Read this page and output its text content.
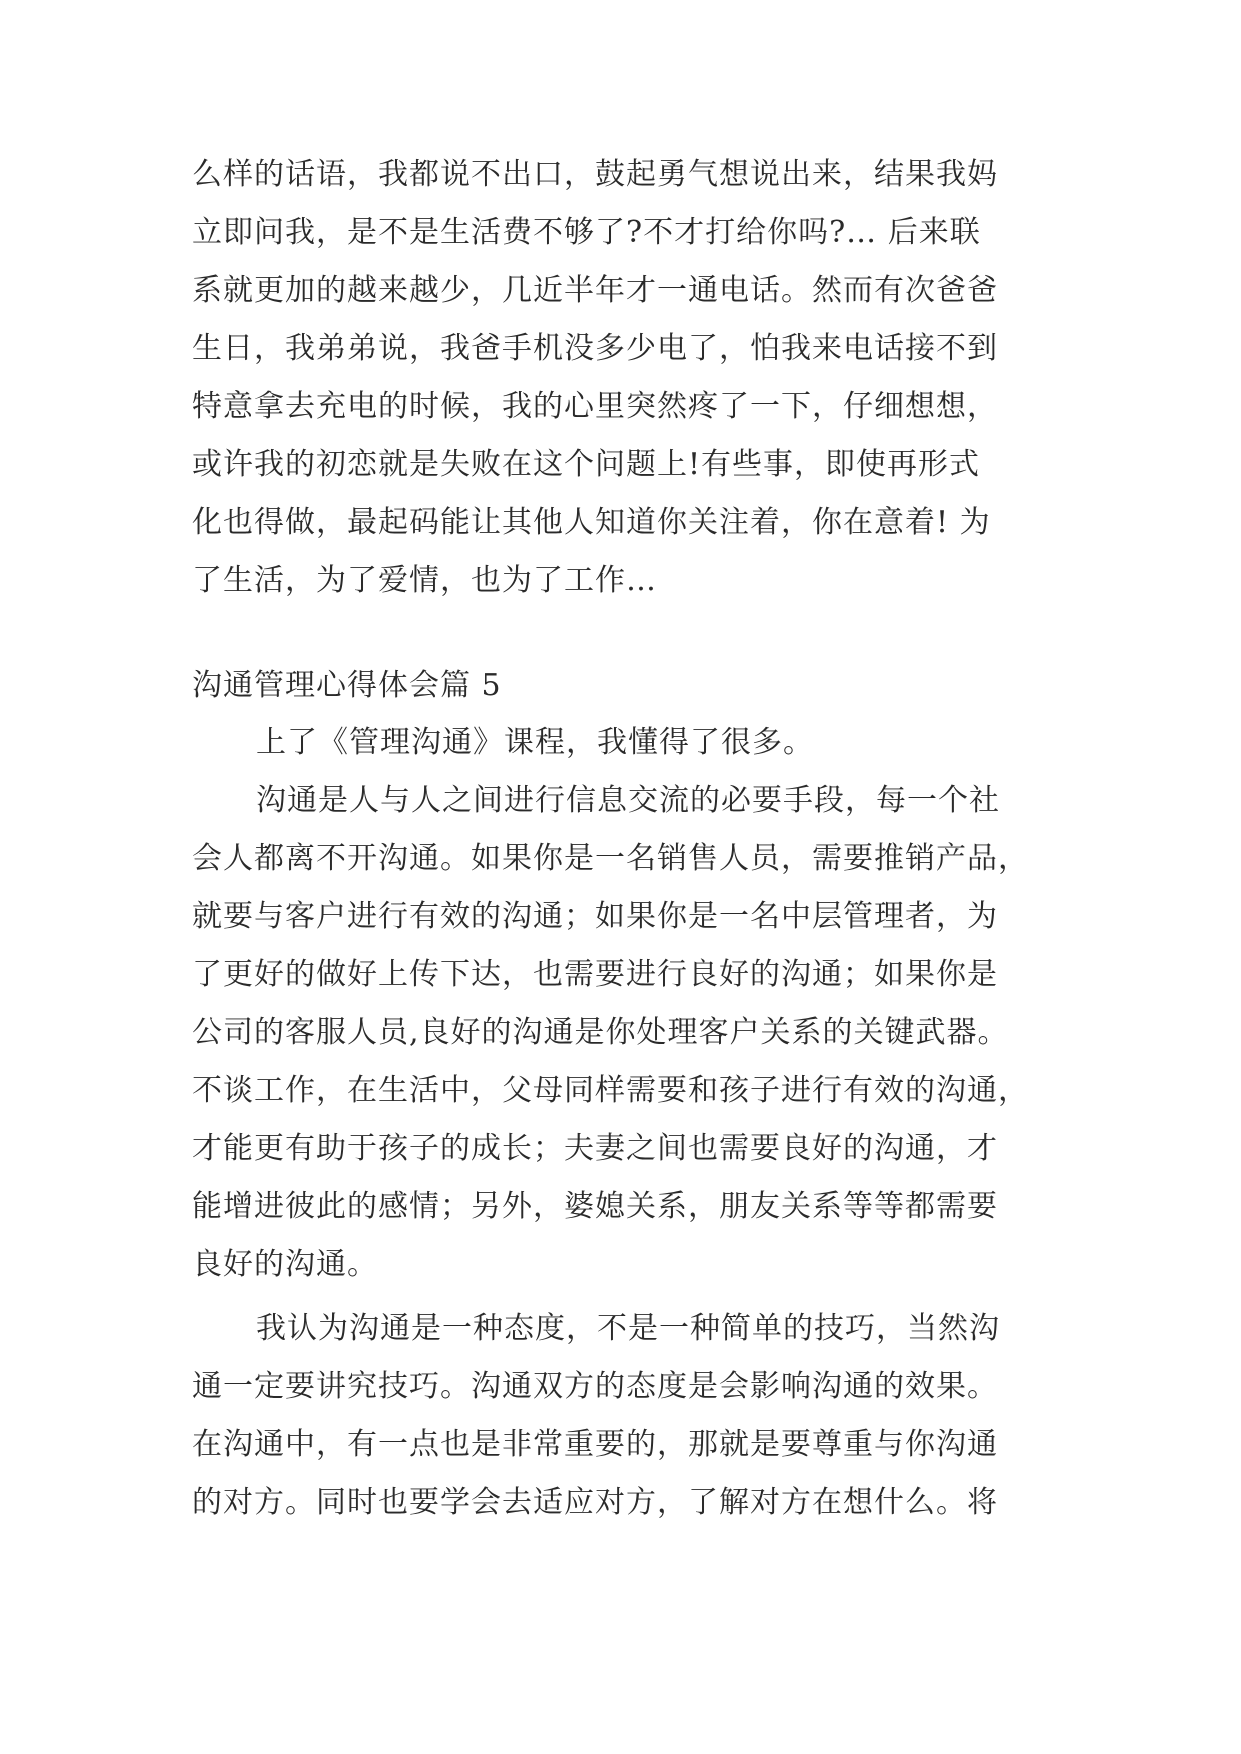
么样的话语，我都说不出口，鼓起勇气想说出来，结果我妈
立即问我，是不是生活费不够了?不才打给你吗?… 后来联
系就更加的越来越少，几近半年才一通电话。然而有次爸爸
生日，我弟弟说，我爸手机没多少电了，怕我来电话接不到
特意拿去充电的时候，我的心里突然疼了一下，仔细想想，
或许我的初恋就是失败在这个问题上!有些事，即使再形式
化也得做，最起码能让其他人知道你关注着，你在意着! 为
了生活，为了爱情，也为了工作…
沟通管理心得体会篇 5
上了《管理沟通》课程，我懂得了很多。
沟通是人与人之间进行信息交流的必要手段，每一个社
会人都离不开沟通。如果你是一名销售人员，需要推销产品，
就要与客户进行有效的沟通；如果你是一名中层管理者，为
了更好的做好上传下达，也需要进行良好的沟通；如果你是
公司的客服人员,良好的沟通是你处理客户关系的关键武器。
不谈工作，在生活中，父母同样需要和孩子进行有效的沟通，
才能更有助于孩子的成长；夫妻之间也需要良好的沟通，才
能增进彼此的感情；另外，婆媳关系，朋友关系等等都需要
良好的沟通。
我认为沟通是一种态度，不是一种简单的技巧，当然沟
通一定要讲究技巧。沟通双方的态度是会影响沟通的效果。
在沟通中，有一点也是非常重要的，那就是要尊重与你沟通
的对方。同时也要学会去适应对方，了解对方在想什么。将
